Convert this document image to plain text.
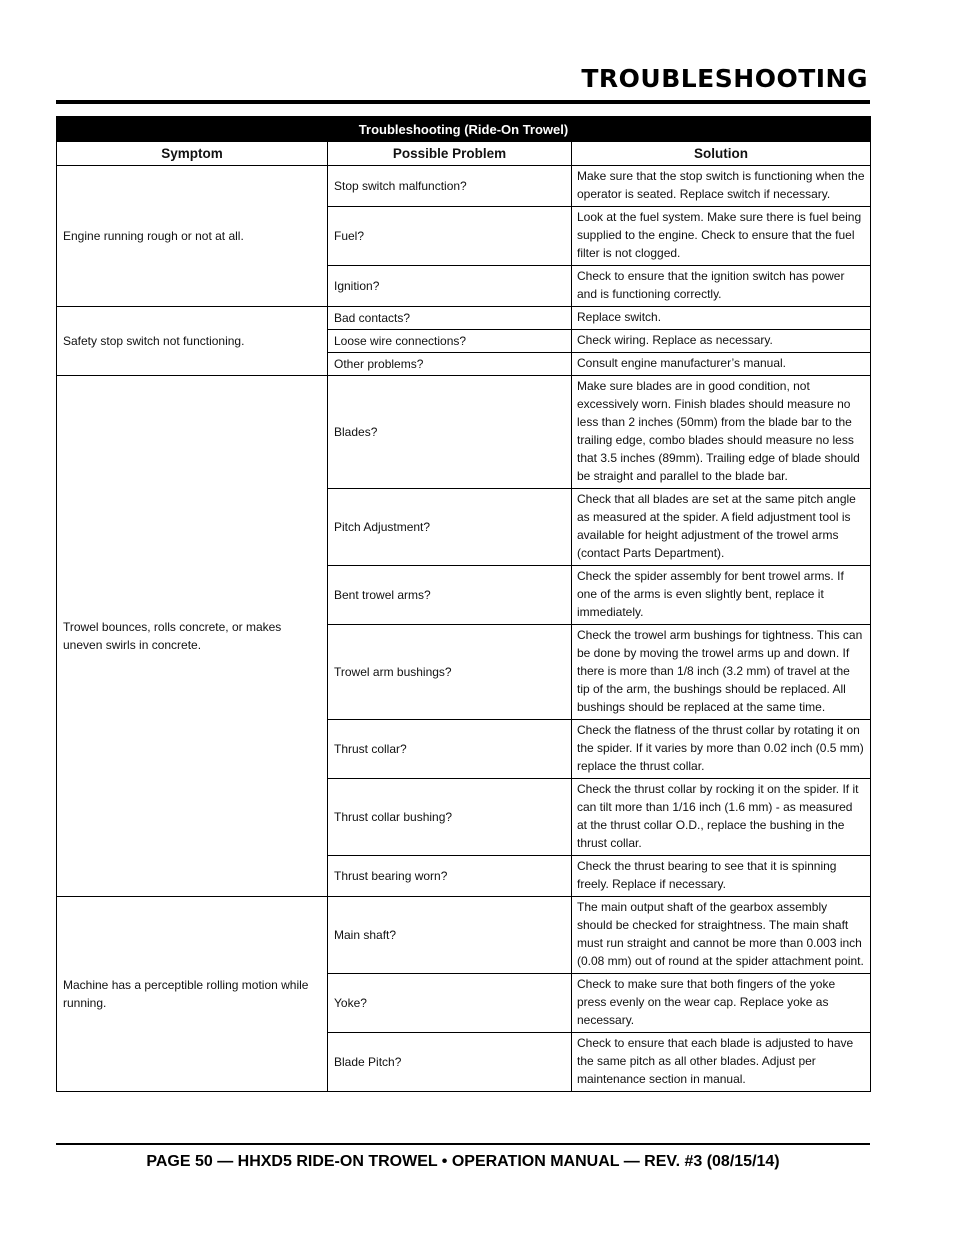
TROUBLESHOOTING
Troubleshooting (Ride-On Trowel)		
Symptom	Possible Problem	Solution
Engine running rough or not at all.	Stop switch malfunction?	Make sure that the stop switch is functioning when the operator is seated. Replace switch if necessary.
	Fuel?	Look at the fuel system. Make sure there is fuel being supplied to the engine. Check to ensure that the fuel filter is not clogged.
	Ignition?	Check to ensure that the ignition switch has power and is functioning correctly.
Safety stop switch not functioning.	Bad contacts?	Replace switch.
	Loose wire connections?	Check wiring. Replace as necessary.
	Other problems?	Consult engine manufacturer’s manual.
Trowel bounces, rolls concrete, or makes uneven swirls in concrete.	Blades?	Make sure blades are in good condition, not excessively worn. Finish blades should measure no less than 2 inches (50mm) from the blade bar to the trailing edge, combo blades should measure no less that 3.5 inches (89mm). Trailing edge of blade should be straight and parallel to the blade bar.
	Pitch Adjustment?	Check that all blades are set at the same pitch angle as measured at the spider. A field adjustment tool is available for height adjustment of the trowel arms (contact Parts Department).
	Bent trowel arms?	Check the spider assembly for bent trowel arms. If one of the arms is even slightly bent, replace it immediately.
	Trowel arm bushings?	Check the trowel arm bushings for tightness. This can be done by moving the trowel arms up and down. If there is more than 1/8 inch (3.2 mm) of travel at the tip of the arm, the bushings should be replaced. All bushings should be replaced at the same time.
	Thrust collar?	Check the flatness of the thrust collar by rotating it on the spider. If it varies by more than 0.02 inch (0.5 mm) replace the thrust collar.
	Thrust collar bushing?	Check the thrust collar by rocking it on the spider. If it can tilt more than 1/16 inch (1.6 mm) - as measured at the thrust collar O.D., replace the bushing in the thrust collar.
	Thrust bearing worn?	Check the thrust bearing to see that it is spinning freely. Replace if necessary.
Machine has a perceptible rolling motion while running.	Main shaft?	The main output shaft of the gearbox assembly should be checked for straightness. The main shaft must run straight and cannot be more than 0.003 inch (0.08 mm) out of round at the spider attachment point.
	Yoke?	Check to make sure that both fingers of the yoke press evenly on the wear cap. Replace yoke as necessary.
	Blade Pitch?	Check to ensure that each blade is adjusted to have the same pitch as all other blades. Adjust per maintenance section in manual.
PAGE 50 — HHXD5 RIDE-ON TROWEL • OPERATION MANUAL — REV. #3 (08/15/14)
